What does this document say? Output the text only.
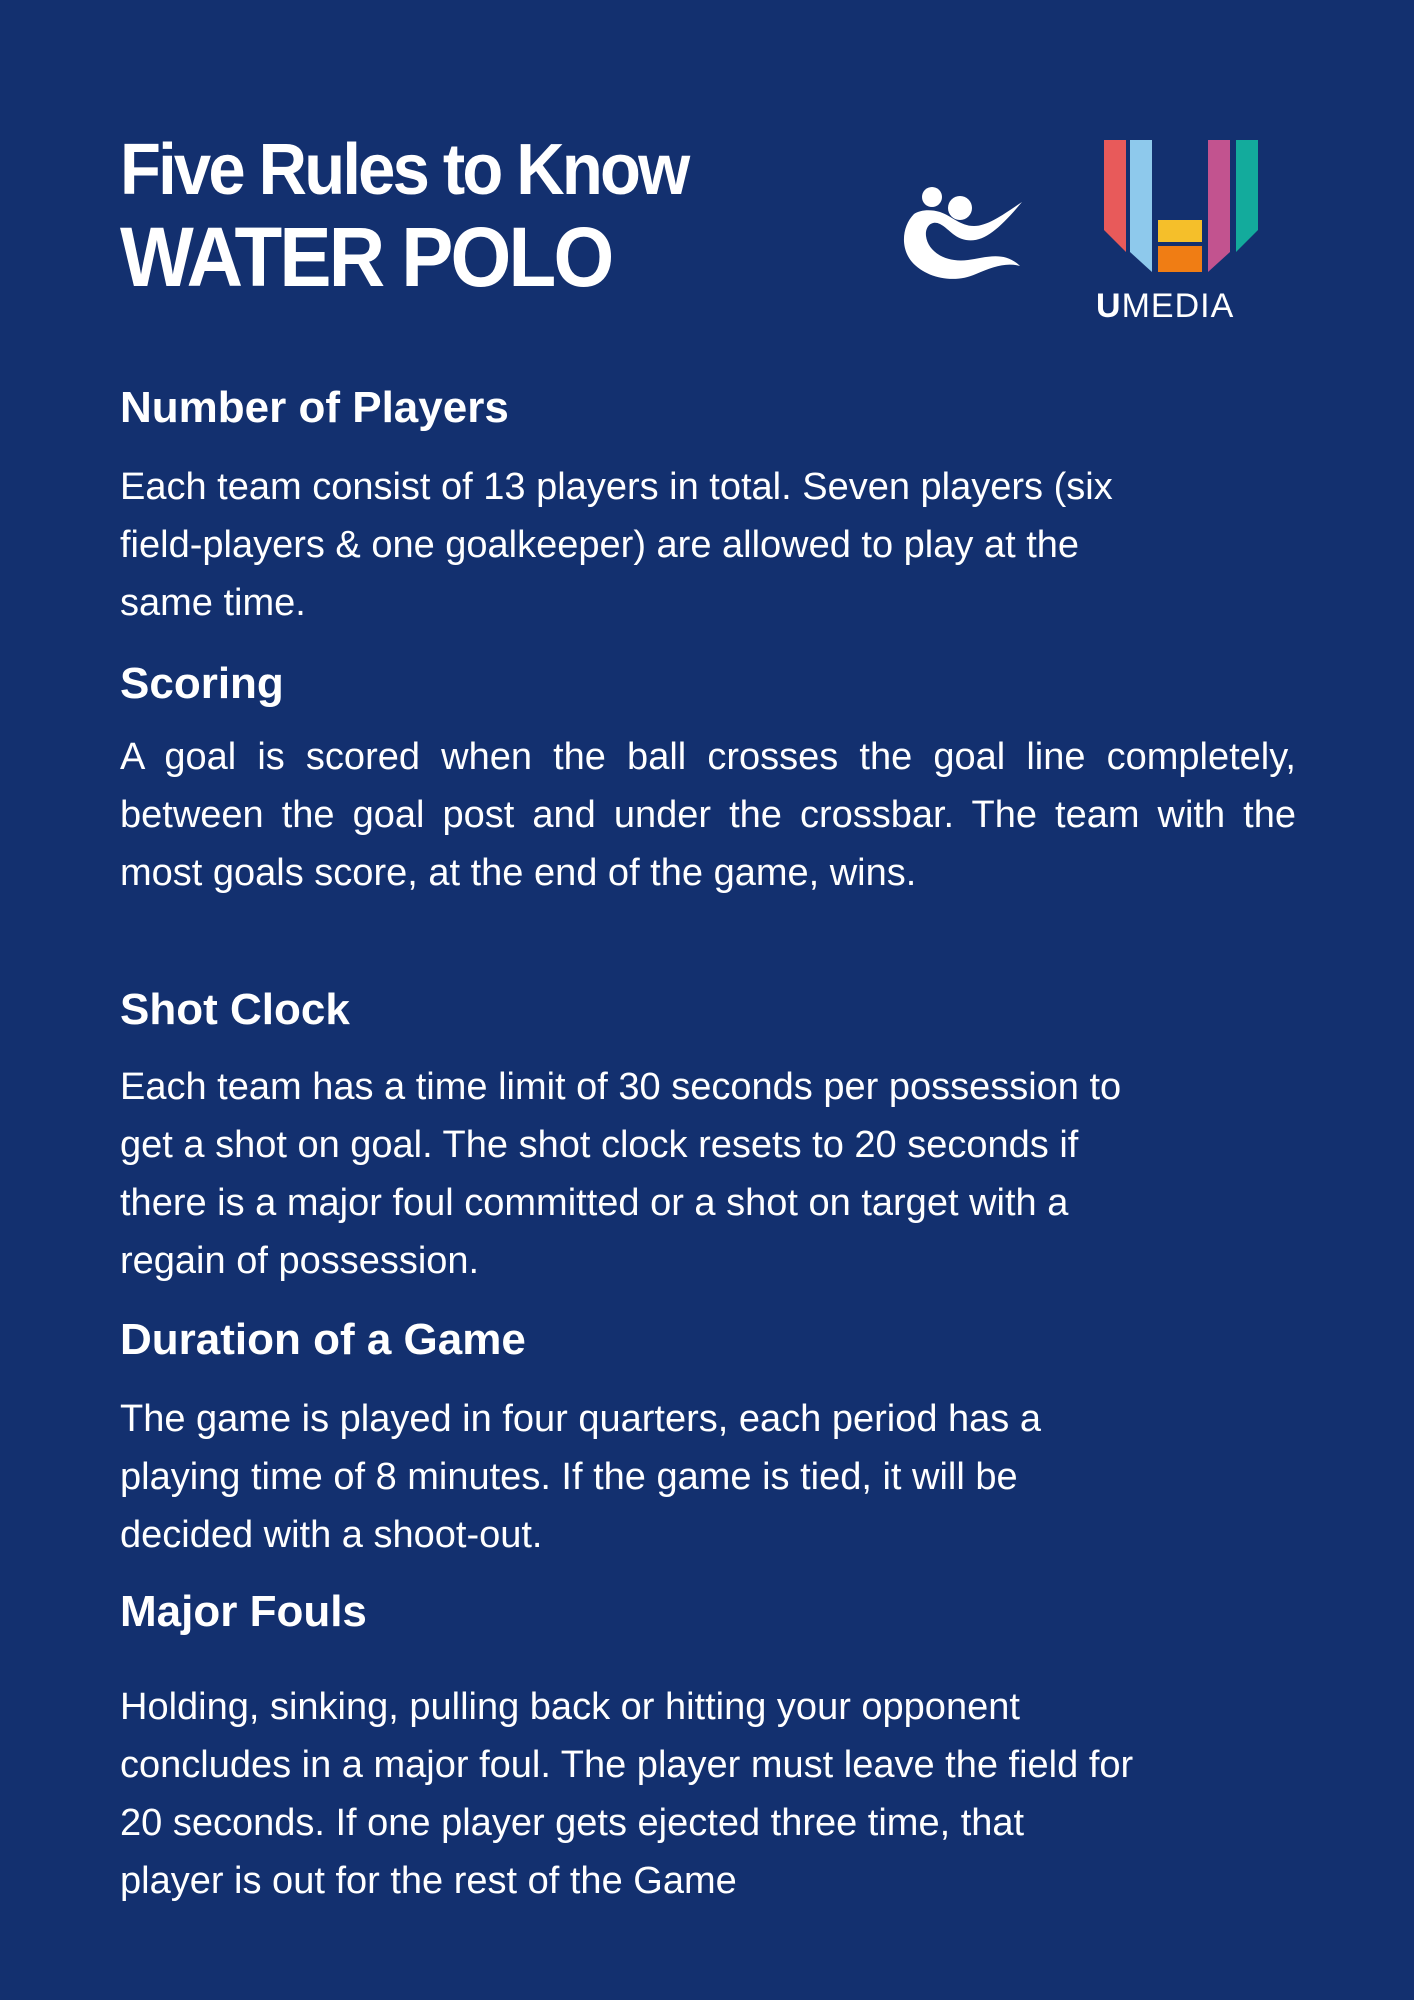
Five Rules to Know
WATER POLO
UMEDIA
Number of Players

Each team consist of 13 players in total. Seven players (six
field-players & one goalkeeper) are allowed to play at the
same time.

Scoring

A goal is scored when the ball crosses the goal line completely, between the goal post and under the crossbar. The team with the most goals score, at the end of the game, wins.

Shot Clock

Each team has a time limit of 30 seconds per possession to
get a shot on goal. The shot clock resets to 20 seconds if
there is a major foul committed or a shot on target with a
regain of possession.

Duration of a Game

The game is played in four quarters, each period has a
playing time of 8 minutes. If the game is tied, it will be
decided with a shoot-out.

Major Fouls

Holding, sinking, pulling back or hitting your opponent
concludes in a major foul. The player must leave the field for
20 seconds. If one player gets ejected three time, that
player is out for the rest of the Game
